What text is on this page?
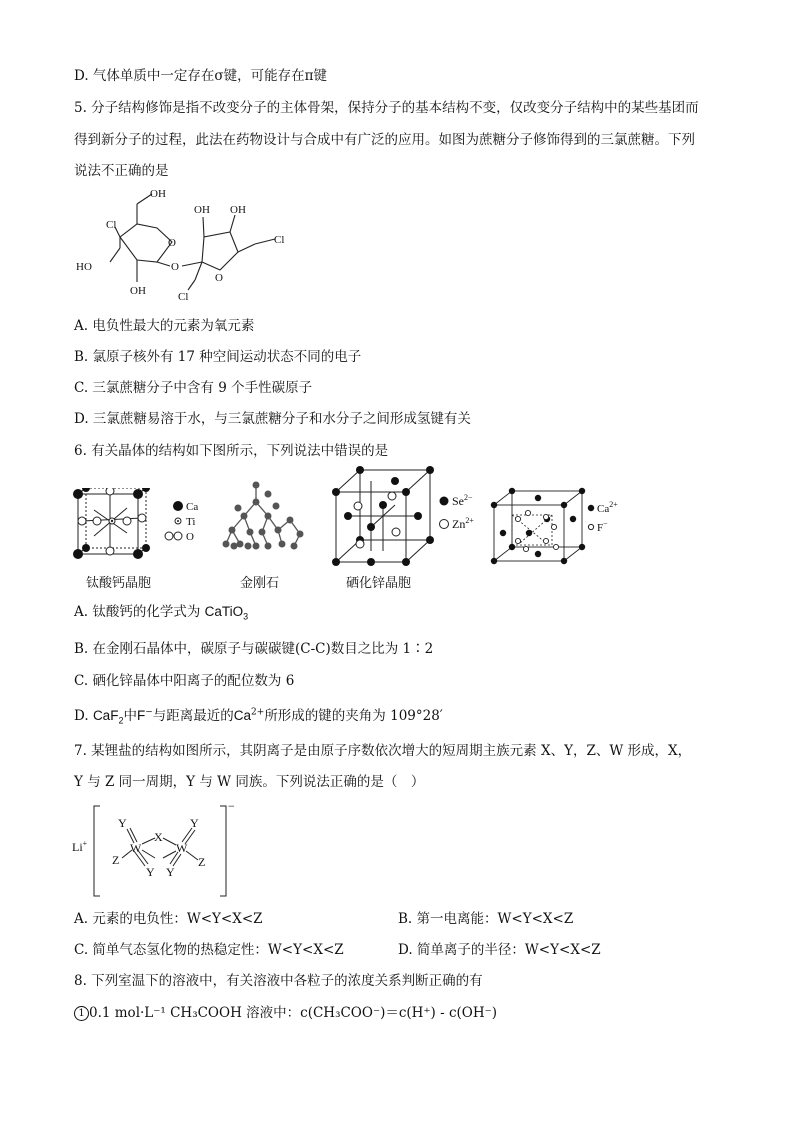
D. 气体单质中一定存在σ键，可能存在π键
5. 分子结构修饰是指不改变分子的主体骨架，保持分子的基本结构不变，仅改变分子结构中的某些基团而
得到新分子的过程，此法在药物设计与合成中有广泛的应用。如图为蔗糖分子修饰得到的三氯蔗糖。下列
说法不正确的是
OH
Cl
HO
OH
O
O
OH OH
O
Cl
Cl
A. 电负性最大的元素为氧元素
B. 氯原子核外有 17 种空间运动状态不同的电子
C. 三氯蔗糖分子中含有 9 个手性碳原子
D. 三氯蔗糖易溶于水，与三氯蔗糖分子和水分子之间形成氢键有关
6. 有关晶体的结构如下图所示，下列说法中错误的是
Ca
Ti
O
钛酸钙晶胞	金刚石
$Se^{2-}$
$Zn^{2+}$
硒化锌晶胞
$Ca^{2+}$
F−
A. 钛酸钙的化学式为 CaTiO$_3$
B. 在金刚石晶体中，碳原子与碳碳键(C-C)数目之比为 1∶2
C. 硒化锌晶体中阳离子的配位数为 6
D. CaF$_2$中F−与距离最近的$Ca^{2+}$所形成的键的夹角为 109°28′
7. 某锂盐的结构如图所示，其阴离子是由原子序数依次增大的短周期主族元素 X、Y，Z、W 形成，X，
Y 与 Z 同一周期，Y 与 W 同族。下列说法正确的是（　）
Li+
−
Y
W
Z
Y
X
W
Y
Y
Z
A. 元素的电负性：W<Y<X<Z	B. 第一电离能：W<Y<X<Z
C. 简单气态氢化物的热稳定性：W<Y<X<Z	D. 简单离子的半径：W<Y<X<Z
8. 下列室温下的溶液中，有关溶液中各粒子的浓度关系判断正确的有
1 0.1 mol·L⁻¹ CH₃COOH 溶液中：c(CH₃COO⁻)＝c(H⁺) - c(OH⁻)
